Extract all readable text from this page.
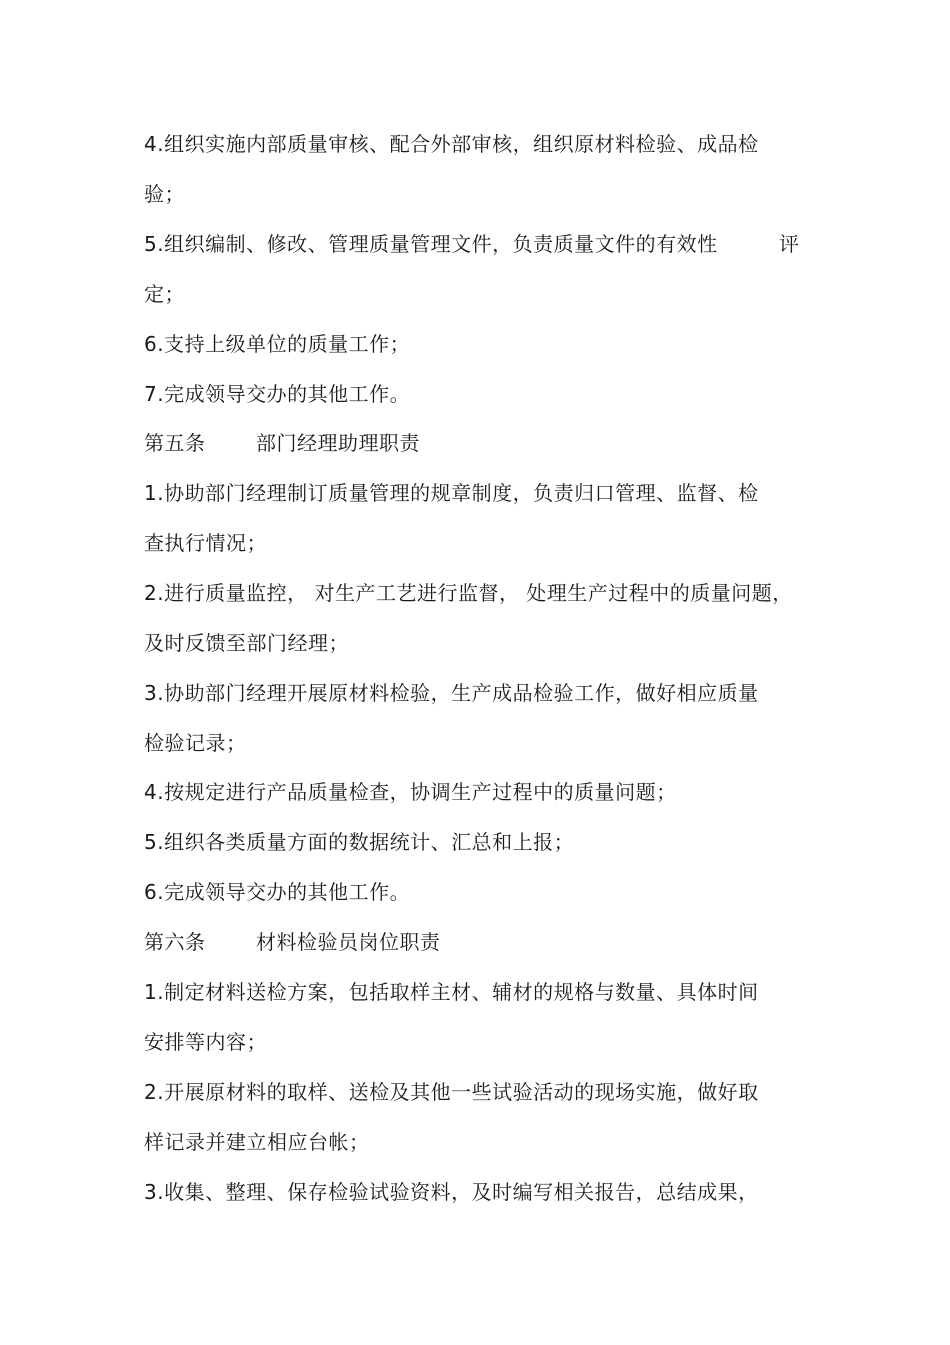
4.组织实施内部质量审核、配合外部审核，组织原材料检验、成品检
验；
5.组织编制、修改、管理质量管理文件，负责质量文件的有效性	评
定；
6.支持上级单位的质量工作；
7.完成领导交办的其他工作。
第五条	部门经理助理职责
1.协助部门经理制订质量管理的规章制度，负责归口管理、监督、检
查执行情况；
2.进行质量监控， 对生产工艺进行监督， 处理生产过程中的质量问题，
及时反馈至部门经理；
3.协助部门经理开展原材料检验，生产成品检验工作，做好相应质量
检验记录；
4.按规定进行产品质量检查，协调生产过程中的质量问题；
5.组织各类质量方面的数据统计、汇总和上报；
6.完成领导交办的其他工作。
第六条	材料检验员岗位职责
1.制定材料送检方案，包括取样主材、辅材的规格与数量、具体时间
安排等内容；
2.开展原材料的取样、送检及其他一些试验活动的现场实施，做好取
样记录并建立相应台帐；
3.收集、整理、保存检验试验资料，及时编写相关报告，总结成果，
